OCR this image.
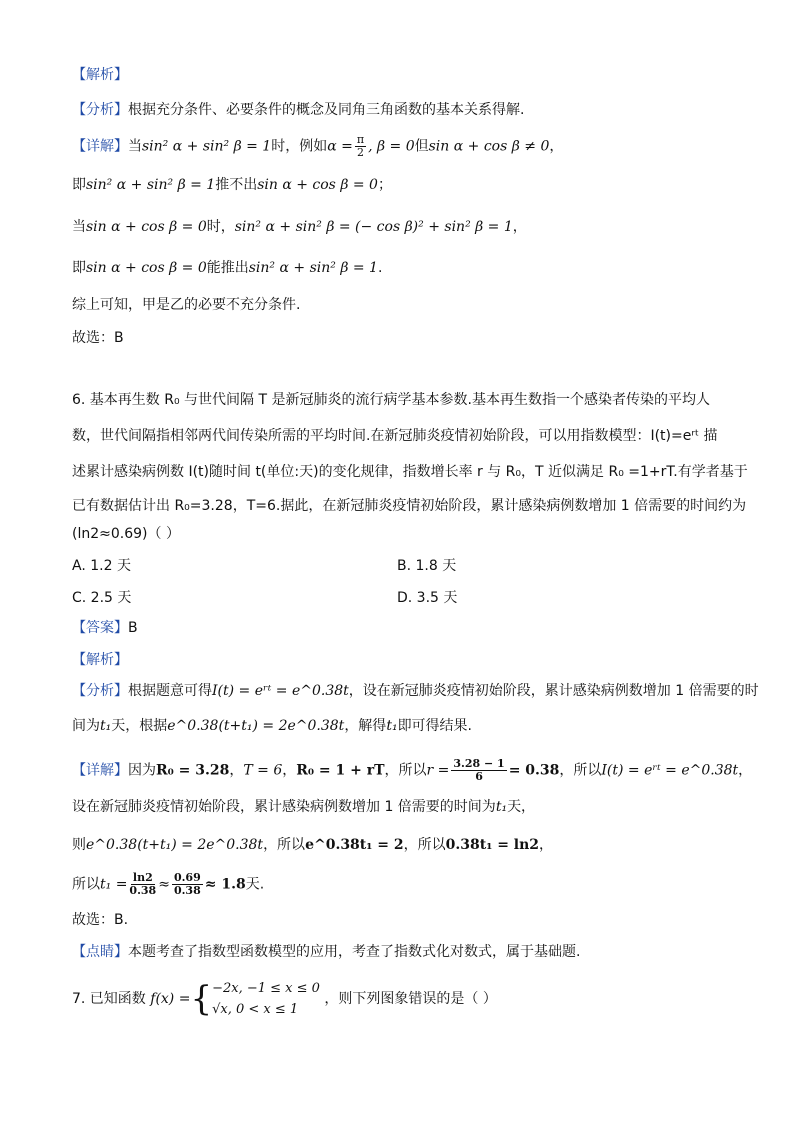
【解析】
【分析】根据充分条件、必要条件的概念及同角三角函数的基本关系得解.
【详解】当sin² α + sin² β = 1时，例如$\alpha = \frac{\pi}{2}$ , β = 0但sin α + cos β ≠ 0，
即sin² α + sin² β = 1推不出sin α + cos β = 0；
当sin α + cos β = 0时，sin² α + sin² β = (− cos β)² + sin² β = 1，
即sin α + cos β = 0能推出sin² α + sin² β = 1.
综上可知，甲是乙的必要不充分条件.
故选：B
6. 基本再生数 R₀ 与世代间隔 T 是新冠肺炎的流行病学基本参数.基本再生数指一个感染者传染的平均人
数，世代间隔指相邻两代间传染所需的平均时间.在新冠肺炎疫情初始阶段，可以用指数模型：I(t)=eʳᵗ 描
述累计感染病例数 I(t)随时间 t(单位:天)的变化规律，指数增长率 r 与 R₀，T 近似满足 R₀ =1+rT.有学者基于
已有数据估计出 R₀=3.28，T=6.据此，在新冠肺炎疫情初始阶段，累计感染病例数增加 1 倍需要的时间约为
(ln2≈0.69)（ ）
A. 1.2 天	B. 1.8 天
C. 2.5 天	D. 3.5 天
【答案】B
【解析】
【分析】根据题意可得I(t) = eʳᵗ = e^0.38t，设在新冠肺炎疫情初始阶段，累计感染病例数增加 1 倍需要的时
间为t₁天，根据e^0.38(t+t₁) = 2e^0.38t，解得t₁即可得结果.
【详解】因为R₀ = 3.28，T = 6，R₀ = 1 + rT，所以$r = \frac{3.28 - 1}{6} = 0.38$，所以I(t) = eʳᵗ = e^0.38t，
设在新冠肺炎疫情初始阶段，累计感染病例数增加 1 倍需要的时间为t₁天，
则e^0.38(t+t₁) = 2e^0.38t，所以e^0.38t₁ = 2，所以0.38t₁ = ln2，
所以$t_1 = \frac{\ln 2}{0.38} \approx \frac{0.69}{0.38} \approx 1.8$天.
故选：B.
【点睛】本题考查了指数型函数模型的应用，考查了指数式化对数式，属于基础题.
7. 已知函数 f(x) ={ −2x, −1 ≤ x ≤ 0
√x, 0 < x ≤ 1
，则下列图象错误的是（ ）
